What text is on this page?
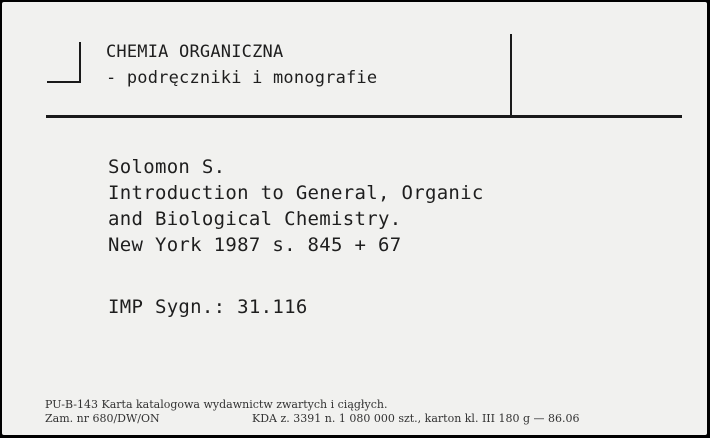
CHEMIA ORGANICZNA
- podręczniki i monografie
Solomon S.
Introduction to General, Organic
and Biological Chemistry.
New York 1987 s. 845 + 67
IMP Sygn.: 31.116
PU-B-143 Karta katalogowa wydawnictw zwartych i ciągłych.
Zam. nr 680/DW/ON	KDA z. 3391 n. 1 080 000 szt., karton kl. III 180 g — 86.06
